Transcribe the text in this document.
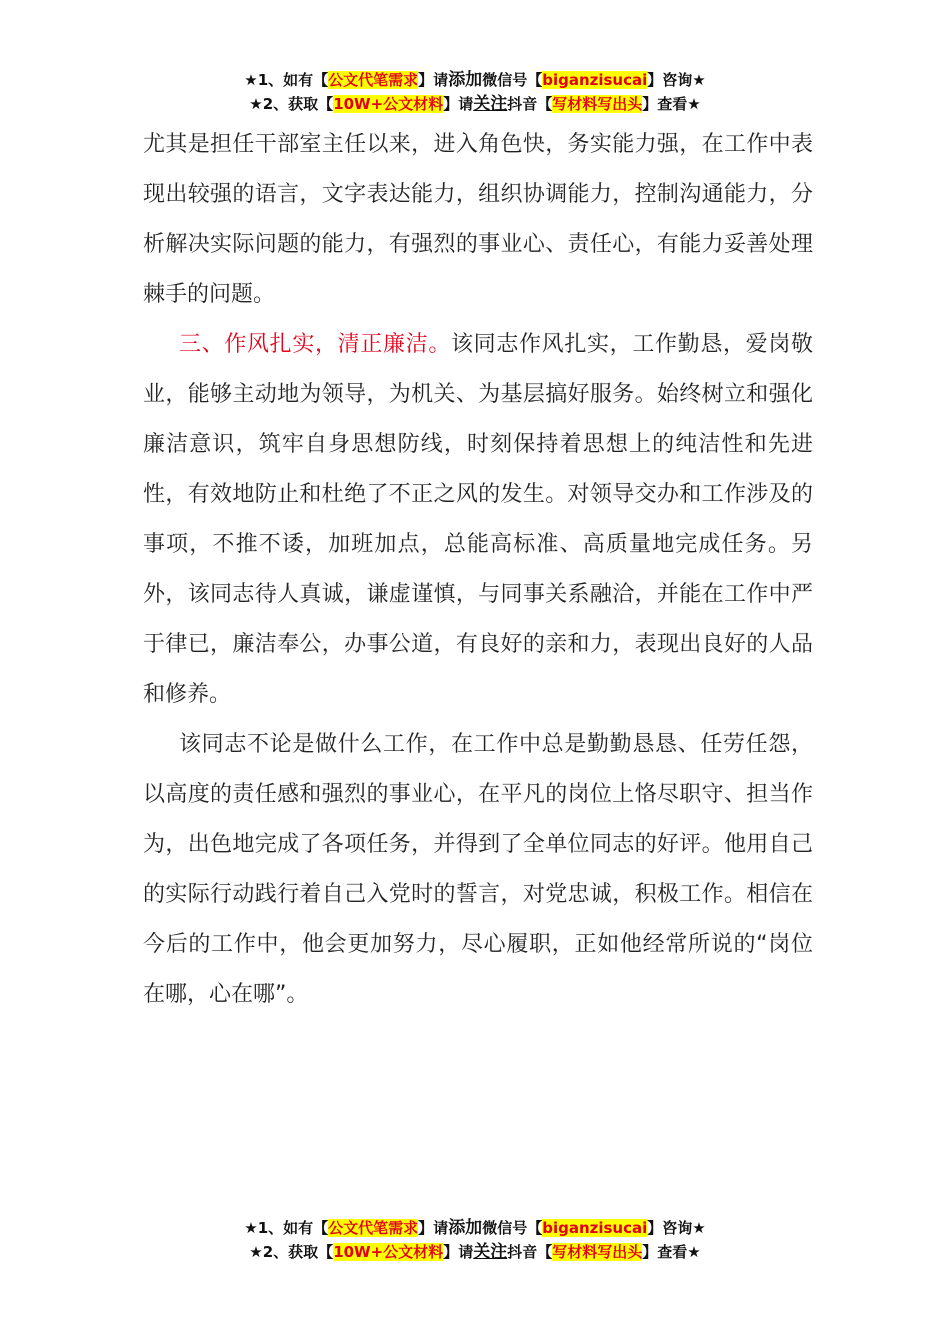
★1、如有【公文代笔需求】请添加微信号【biganzisucai】咨询★
★2、获取【10W+公文材料】请关注抖音【写材料写出头】查看★

尤其是担任干部室主任以来，进入角色快，务实能力强，在工作中表现出较强的语言，文字表达能力，组织协调能力，控制沟通能力，分析解决实际问题的能力，有强烈的事业心、责任心，有能力妥善处理棘手的问题。

三、作风扎实，清正廉洁。该同志作风扎实，工作勤恳，爱岗敬业，能够主动地为领导，为机关、为基层搞好服务。始终树立和强化廉洁意识，筑牢自身思想防线，时刻保持着思想上的纯洁性和先进性，有效地防止和杜绝了不正之风的发生。对领导交办和工作涉及的事项，不推不诿，加班加点，总能高标准、高质量地完成任务。另外，该同志待人真诚，谦虚谨慎，与同事关系融洽，并能在工作中严于律已，廉洁奉公，办事公道，有良好的亲和力，表现出良好的人品和修养。

该同志不论是做什么工作，在工作中总是勤勤恳恳、任劳任怨，以高度的责任感和强烈的事业心，在平凡的岗位上恪尽职守、担当作为，出色地完成了各项任务，并得到了全单位同志的好评。他用自己的实际行动践行着自己入党时的誓言，对党忠诚，积极工作。相信在今后的工作中，他会更加努力，尽心履职，正如他经常所说的“岗位在哪，心在哪”。

★1、如有【公文代笔需求】请添加微信号【biganzisucai】咨询★
★2、获取【10W+公文材料】请关注抖音【写材料写出头】查看★
